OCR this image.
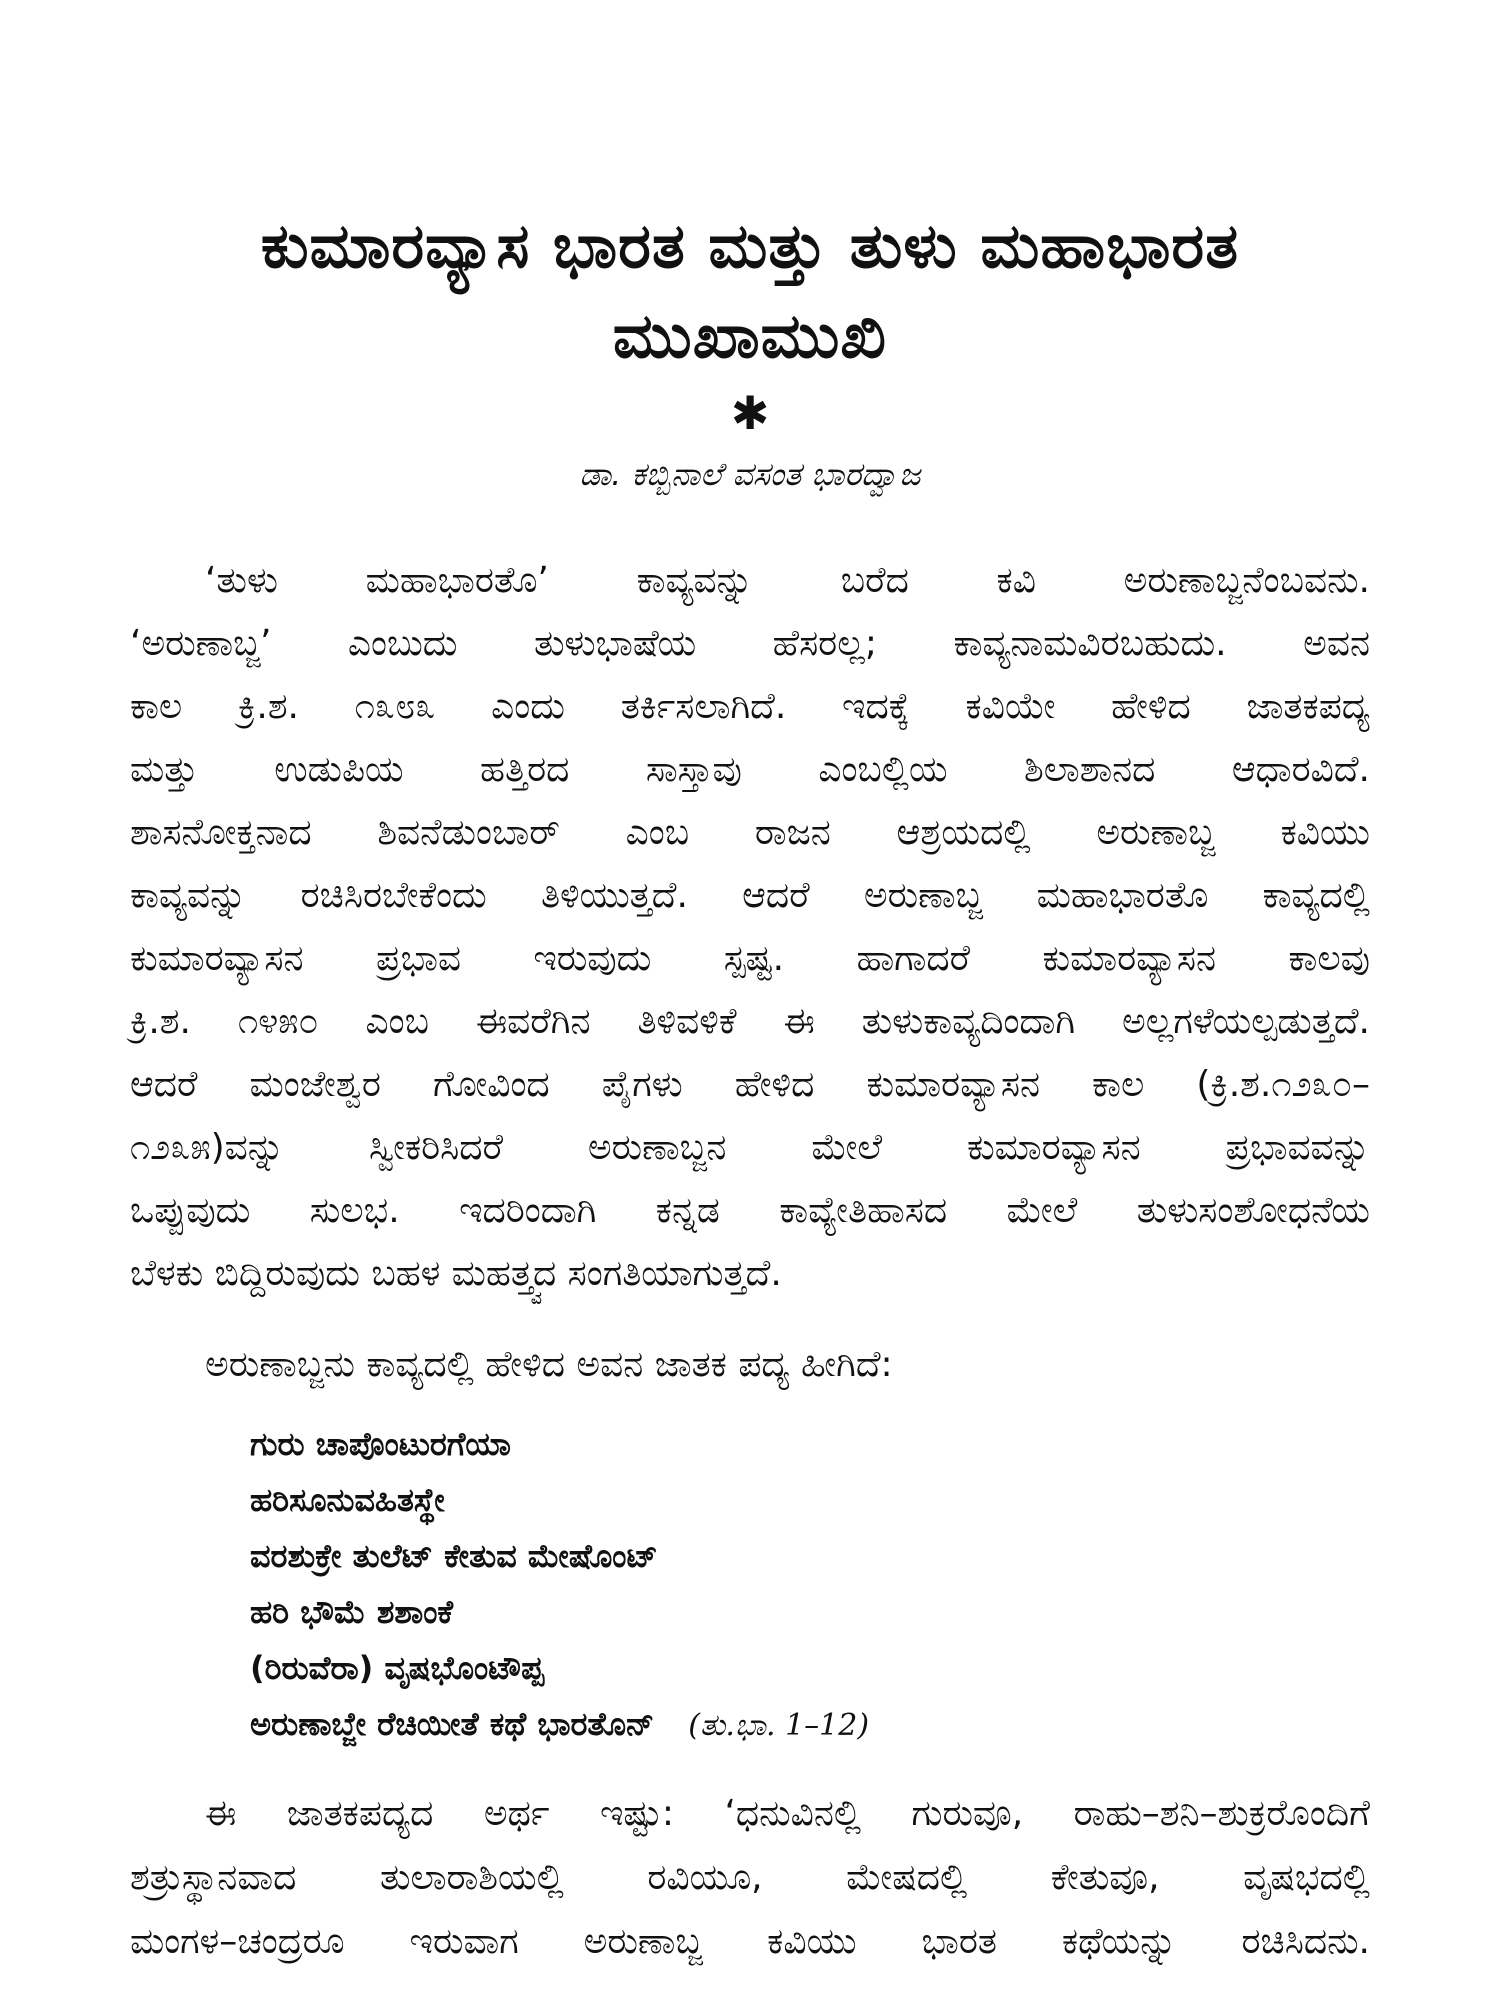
ಕುಮಾರವ್ಯಾಸ ಭಾರತ ಮತ್ತು ತುಳು ಮಹಾಭಾರತ
ಮುಖಾಮುಖಿ
✱
ಡಾ. ಕಬ್ಬಿನಾಲೆ ವಸಂತ ಭಾರದ್ವಾಜ
‘ತುಳು ಮಹಾಭಾರತೊ’ ಕಾವ್ಯವನ್ನು ಬರೆದ ಕವಿ ಅರುಣಾಬ್ಜನೆಂಬವನು.
‘ಅರುಣಾಬ್ಜ’ ಎಂಬುದು ತುಳುಭಾಷೆಯ ಹೆಸರಲ್ಲ; ಕಾವ್ಯನಾಮವಿರಬಹುದು. ಅವನ
ಕಾಲ ಕ್ರಿ.ಶ. ೧೩೮೩ ಎಂದು ತರ್ಕಿಸಲಾಗಿದೆ. ಇದಕ್ಕೆ ಕವಿಯೇ ಹೇಳಿದ ಜಾತಕಪದ್ಯ
ಮತ್ತು ಉಡುಪಿಯ ಹತ್ತಿರದ ಸಾಸ್ತಾವು ಎಂಬಲ್ಲಿಯ ಶಿಲಾಶಾನದ ಆಧಾರವಿದೆ.
ಶಾಸನೋಕ್ತನಾದ ಶಿವನೆಡುಂಬಾರ್ ಎಂಬ ರಾಜನ ಆಶ್ರಯದಲ್ಲಿ ಅರುಣಾಬ್ಜ ಕವಿಯು
ಕಾವ್ಯವನ್ನು ರಚಿಸಿರಬೇಕೆಂದು ತಿಳಿಯುತ್ತದೆ. ಆದರೆ ಅರುಣಾಬ್ಜ ಮಹಾಭಾರತೊ ಕಾವ್ಯದಲ್ಲಿ
ಕುಮಾರವ್ಯಾಸನ ಪ್ರಭಾವ ಇರುವುದು ಸ್ಪಷ್ಟ. ಹಾಗಾದರೆ ಕುಮಾರವ್ಯಾಸನ ಕಾಲವು
ಕ್ರಿ.ಶ. ೧೪೫೦ ಎಂಬ ಈವರೆಗಿನ ತಿಳಿವಳಿಕೆ ಈ ತುಳುಕಾವ್ಯದಿಂದಾಗಿ ಅಲ್ಲಗಳೆಯಲ್ಪಡುತ್ತದೆ.
ಆದರೆ ಮಂಜೇಶ್ವರ ಗೋವಿಂದ ಪೈಗಳು ಹೇಳಿದ ಕುಮಾರವ್ಯಾಸನ ಕಾಲ (ಕ್ರಿ.ಶ.೧೨೩೦–
೧೨೩೫)ವನ್ನು ಸ್ವೀಕರಿಸಿದರೆ ಅರುಣಾಬ್ಜನ ಮೇಲೆ ಕುಮಾರವ್ಯಾಸನ ಪ್ರಭಾವವನ್ನು
ಒಪ್ಪುವುದು ಸುಲಭ. ಇದರಿಂದಾಗಿ ಕನ್ನಡ ಕಾವ್ಯೇತಿಹಾಸದ ಮೇಲೆ ತುಳುಸಂಶೋಧನೆಯ
ಬೆಳಕು ಬಿದ್ದಿರುವುದು ಬಹಳ ಮಹತ್ತ್ವದ ಸಂಗತಿಯಾಗುತ್ತದೆ.
ಅರುಣಾಬ್ಜನು ಕಾವ್ಯದಲ್ಲಿ ಹೇಳಿದ ಅವನ ಜಾತಕ ಪದ್ಯ ಹೀಗಿದೆ:
ಗುರು ಚಾಪೊಂಟುರಗೆಯಾ
ಹರಿಸೂನುವಹಿತಸ್ಥೇ
ವರಶುಕ್ರೇ ತುಲೆಟ್ ಕೇತುವ ಮೇಷೊಂಟ್
ಹರಿ ಭೌಮೆ ಶಶಾಂಕೆ
(ರಿರುವೆರಾ) ವೃಷಭೊಂಟೌಪ್ಪ
ಅರುಣಾಬ್ಜೇ ರೆಚಿಯೀತೆ ಕಥೆ ಭಾರತೊನ್ (ತು.ಭಾ. 1–12)
ಈ ಜಾತಕಪದ್ಯದ ಅರ್ಥ ಇಷ್ಟು: ‘ಧನುವಿನಲ್ಲಿ ಗುರುವೂ, ರಾಹು–ಶನಿ–ಶುಕ್ರರೊಂದಿಗೆ
ಶತ್ರುಸ್ಥಾನವಾದ ತುಲಾರಾಶಿಯಲ್ಲಿ ರವಿಯೂ, ಮೇಷದಲ್ಲಿ ಕೇತುವೂ, ವೃಷಭದಲ್ಲಿ
ಮಂಗಳ–ಚಂದ್ರರೂ ಇರುವಾಗ ಅರುಣಾಬ್ಜ ಕವಿಯು ಭಾರತ ಕಥೆಯನ್ನು ರಚಿಸಿದನು.
